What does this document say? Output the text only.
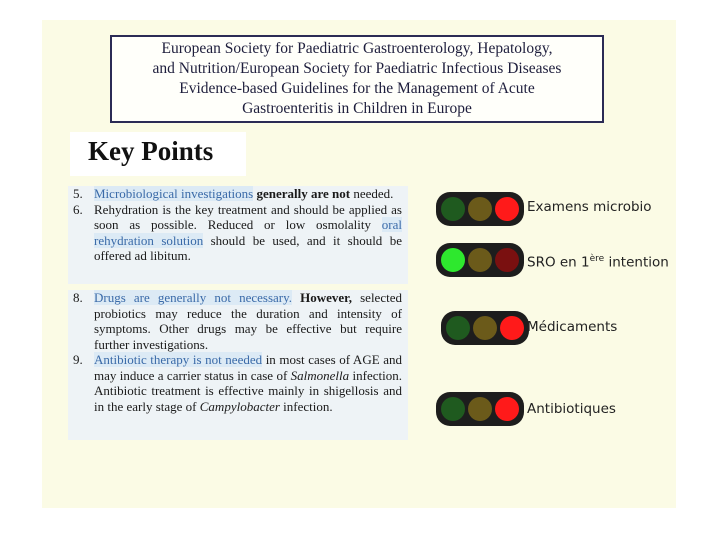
European Society for Paediatric Gastroenterology, Hepatology,
and Nutrition/European Society for Paediatric Infectious Diseases
Evidence-based Guidelines for the Management of Acute
Gastroenteritis in Children in Europe
Key Points
5. Microbiological investigations generally are not needed.
6. Rehydration is the key treatment and should be applied as soon as possible. Reduced or low osmolality oral rehydration solution should be used, and it should be offered ad libitum.
8. Drugs are generally not necessary. However, selected probiotics may reduce the duration and intensity of symptoms. Other drugs may be effective but require further investigations.
9. Antibiotic therapy is not needed in most cases of AGE and may induce a carrier status in case of Salmonella infection. Antibiotic treatment is effective mainly in shigellosis and in the early stage of Campylobacter infection.
Examens microbio
SRO en 1ère intention
Médicaments
Antibiotiques
